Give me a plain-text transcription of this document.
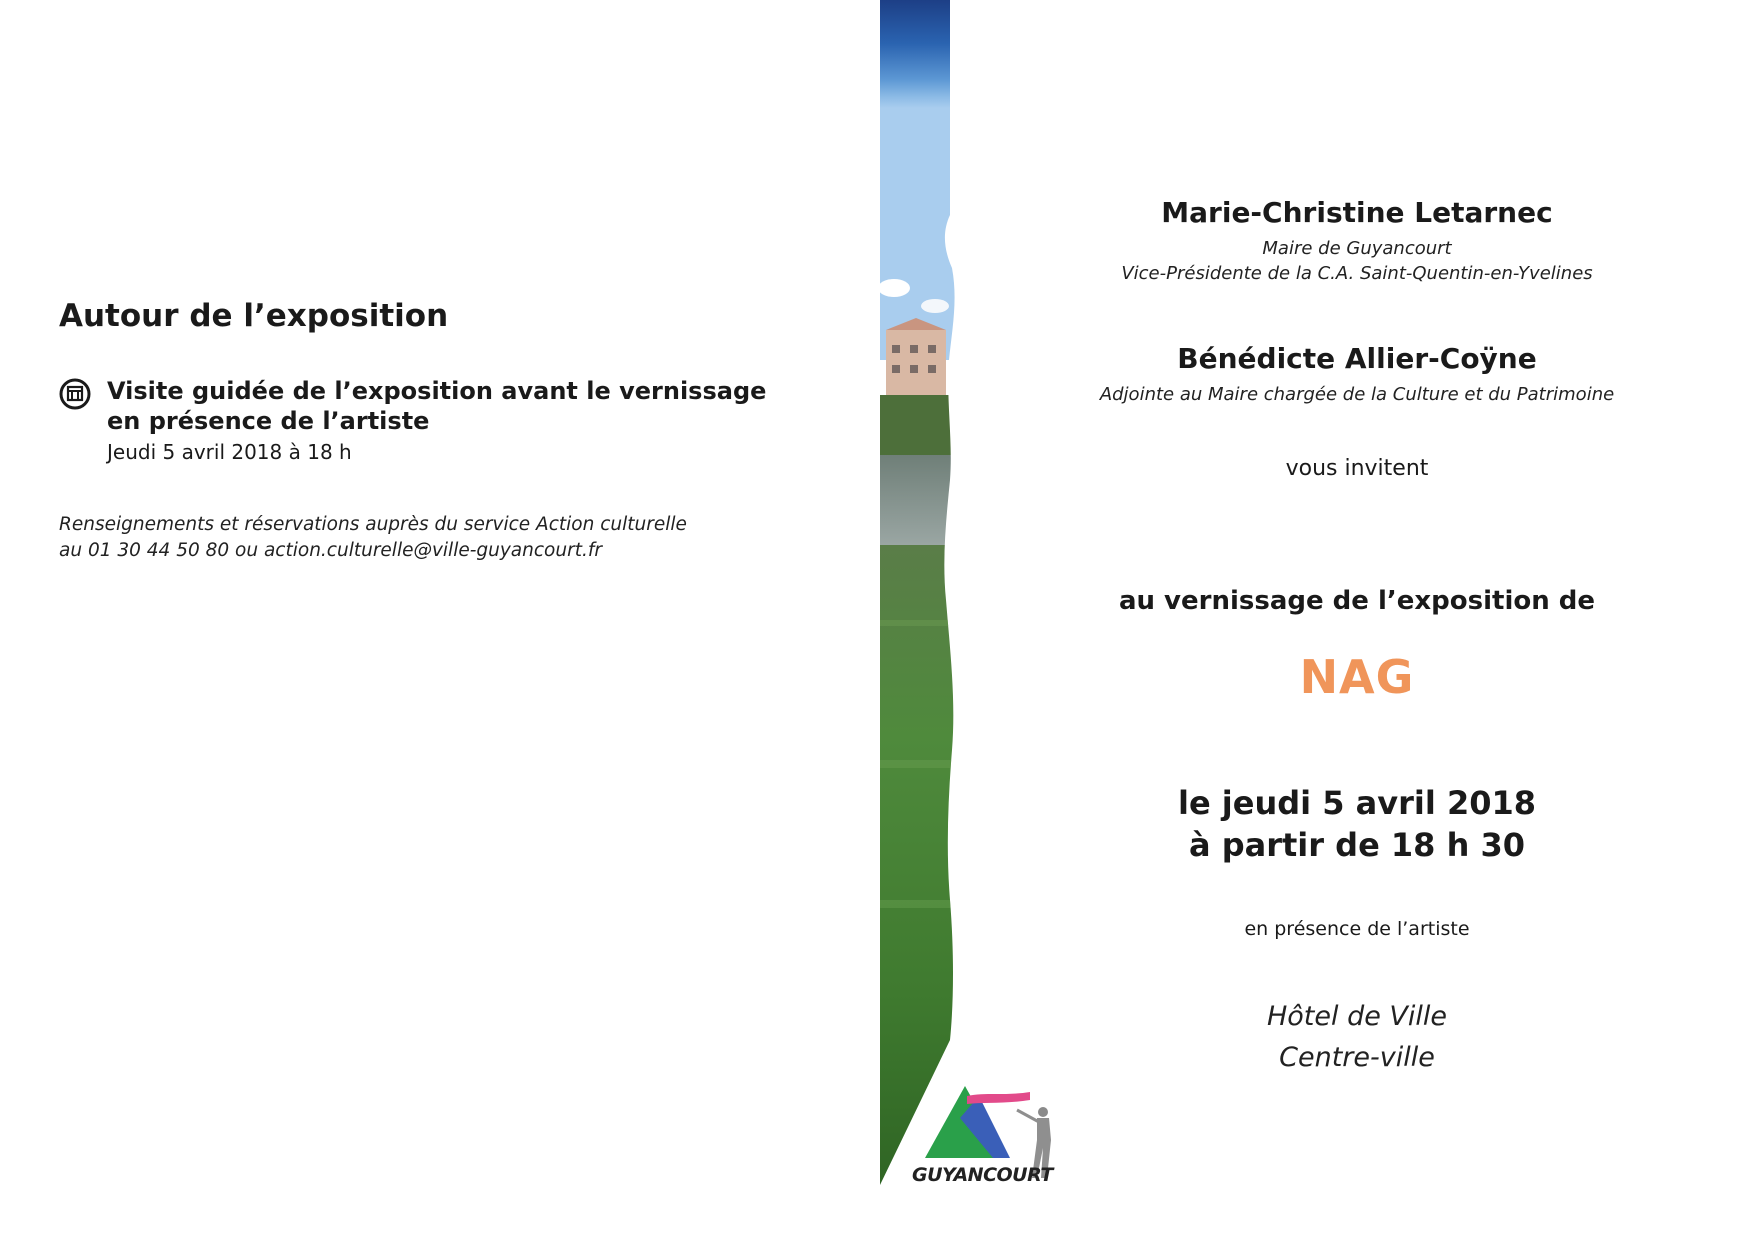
Autour de l’exposition

Visite guidée de l’exposition avant le vernissage
en présence de l’artiste

Jeudi 5 avril 2018 à 18 h

Renseignements et réservations auprès du service Action culturelle
au 01 30 44 50 80 ou action.culturelle@ville-guyancourt.fr

GUYANCOURT

Marie-Christine Letarnec

Maire de Guyancourt

Vice-Présidente de la C.A. Saint-Quentin-en-Yvelines

Bénédicte Allier-Coÿne

Adjointe au Maire chargée de la Culture et du Patrimoine

vous invitent

au vernissage de l’exposition de

NAG

le jeudi 5 avril 2018

à partir de 18 h 30

en présence de l’artiste

Hôtel de Ville

Centre-ville
